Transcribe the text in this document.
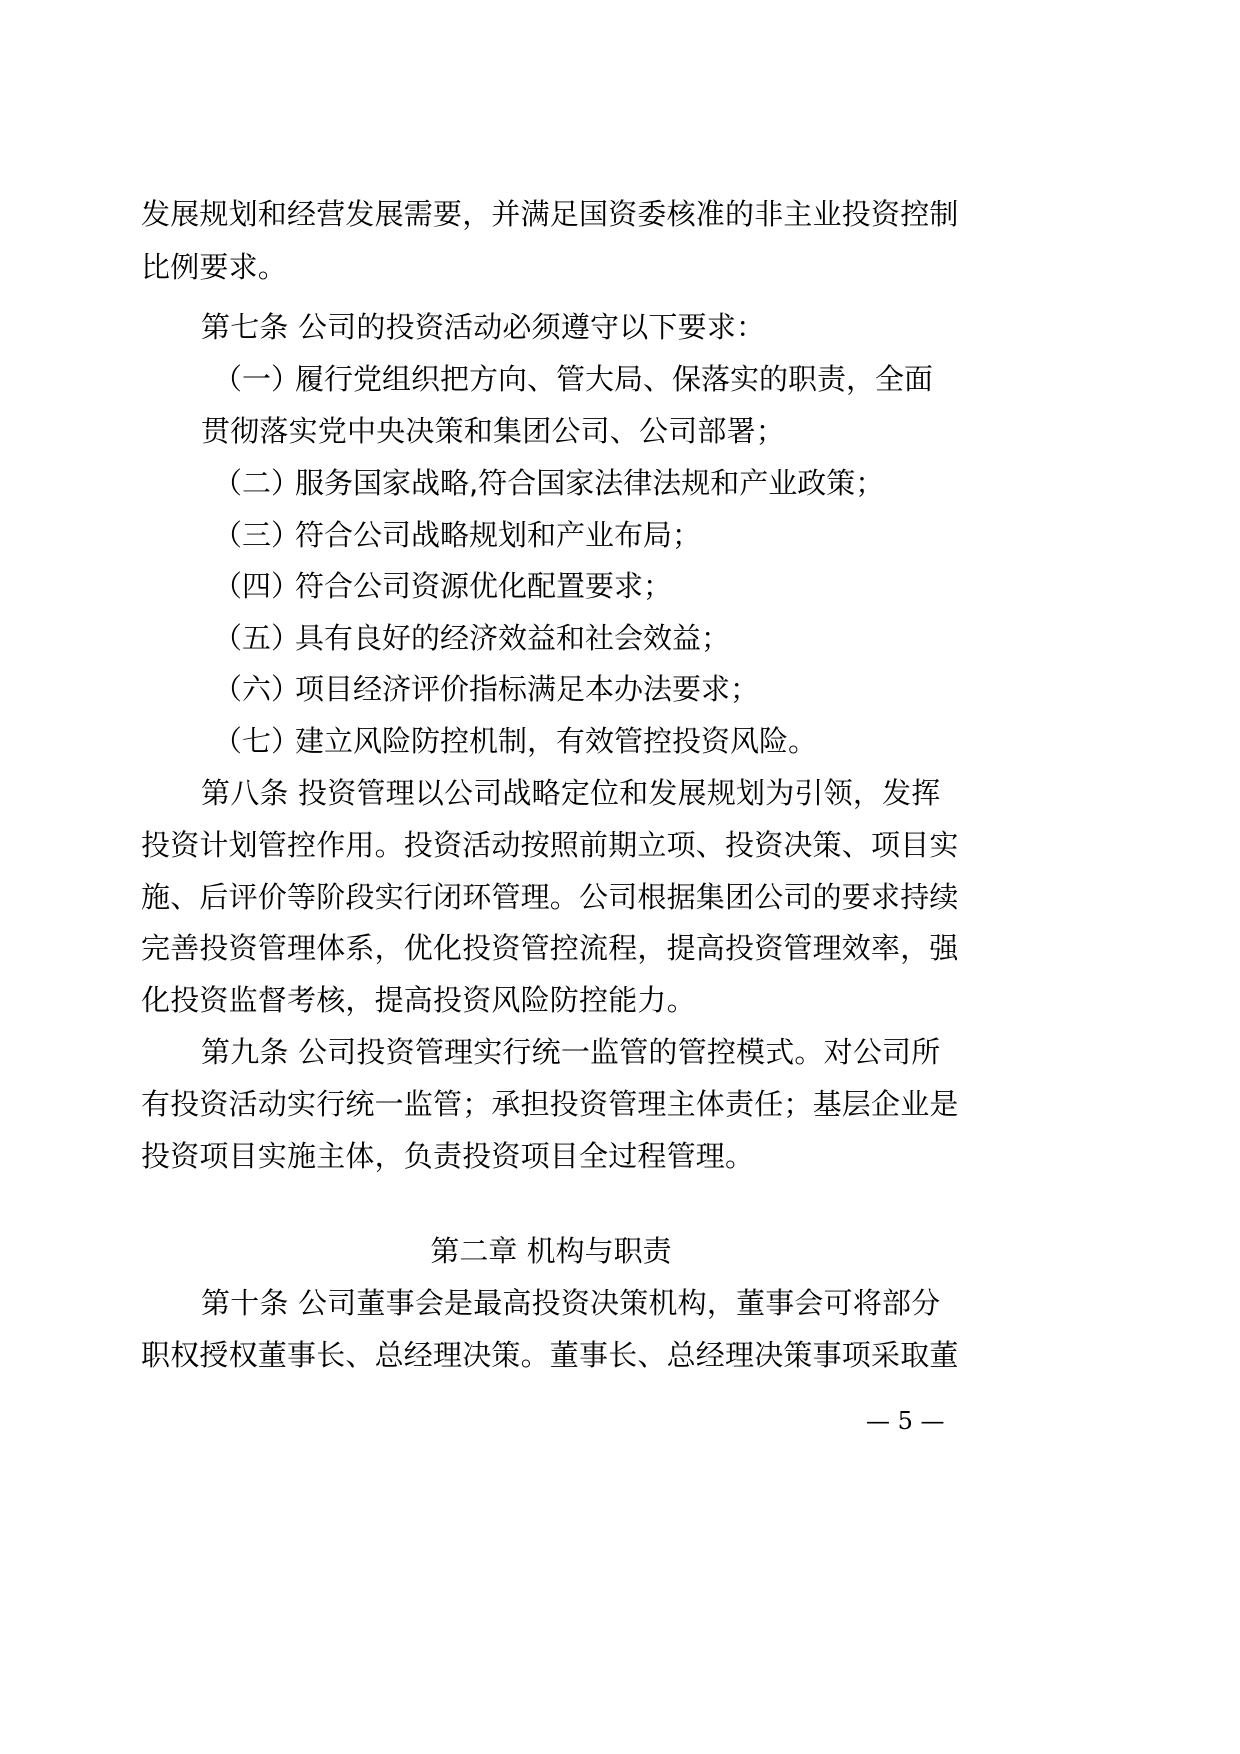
发展规划和经营发展需要，并满足国资委核准的非主业投资控制
比例要求。
第七条 公司的投资活动必须遵守以下要求：
（一）履行党组织把方向、管大局、保落实的职责，全面
贯彻落实党中央决策和集团公司、公司部署；
（二）服务国家战略,符合国家法律法规和产业政策；
（三）符合公司战略规划和产业布局；
（四）符合公司资源优化配置要求；
（五）具有良好的经济效益和社会效益；
（六）项目经济评价指标满足本办法要求；
（七）建立风险防控机制，有效管控投资风险。
第八条 投资管理以公司战略定位和发展规划为引领，发挥
投资计划管控作用。投资活动按照前期立项、投资决策、项目实
施、后评价等阶段实行闭环管理。公司根据集团公司的要求持续
完善投资管理体系，优化投资管控流程，提高投资管理效率，强
化投资监督考核，提高投资风险防控能力。
第九条 公司投资管理实行统一监管的管控模式。对公司所
有投资活动实行统一监管；承担投资管理主体责任；基层企业是
投资项目实施主体，负责投资项目全过程管理。
第二章 机构与职责
第十条 公司董事会是最高投资决策机构，董事会可将部分
职权授权董事长、总经理决策。董事长、总经理决策事项采取董
— 5 —
